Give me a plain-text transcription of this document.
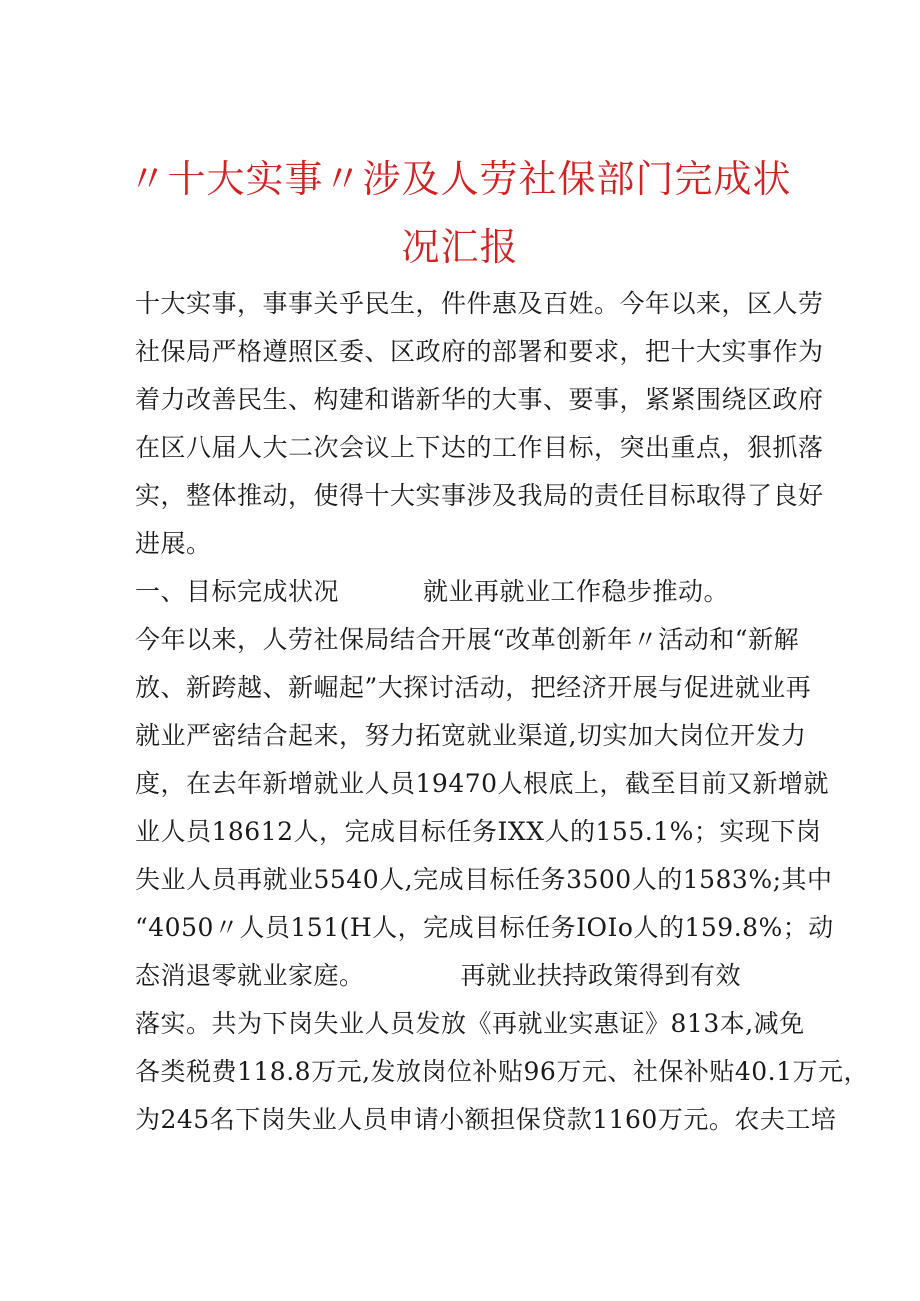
〃十大实事〃涉及人劳社保部门完成状
况汇报
十大实事，事事关乎民生，件件惠及百姓。今年以来，区人劳
社保局严格遵照区委、区政府的部署和要求，把十大实事作为
着力改善民生、构建和谐新华的大事、要事，紧紧围绕区政府
在区八届人大二次会议上下达的工作目标，突出重点，狠抓落
实，整体推动，使得十大实事涉及我局的责任目标取得了良好
进展。
一、目标完成状况	就业再就业工作稳步推动。
今年以来，人劳社保局结合开展“改革创新年〃活动和“新解
放、新跨越、新崛起”大探讨活动，把经济开展与促进就业再
就业严密结合起来，努力拓宽就业渠道,切实加大岗位开发力
度，在去年新增就业人员19470人根底上，截至目前又新增就
业人员18612人，完成目标任务IXX人的155.1%；实现下岗
失业人员再就业5540人,完成目标任务3500人的1583%;其中
“4050〃人员151(H人，完成目标任务IOIo人的159.8%；动
态消退零就业家庭。	再就业扶持政策得到有效
落实。共为下岗失业人员发放《再就业实惠证》813本,减免
各类税费118.8万元,发放岗位补贴96万元、社保补贴40.1万元，
为245名下岗失业人员申请小额担保贷款1160万元。农夫工培
